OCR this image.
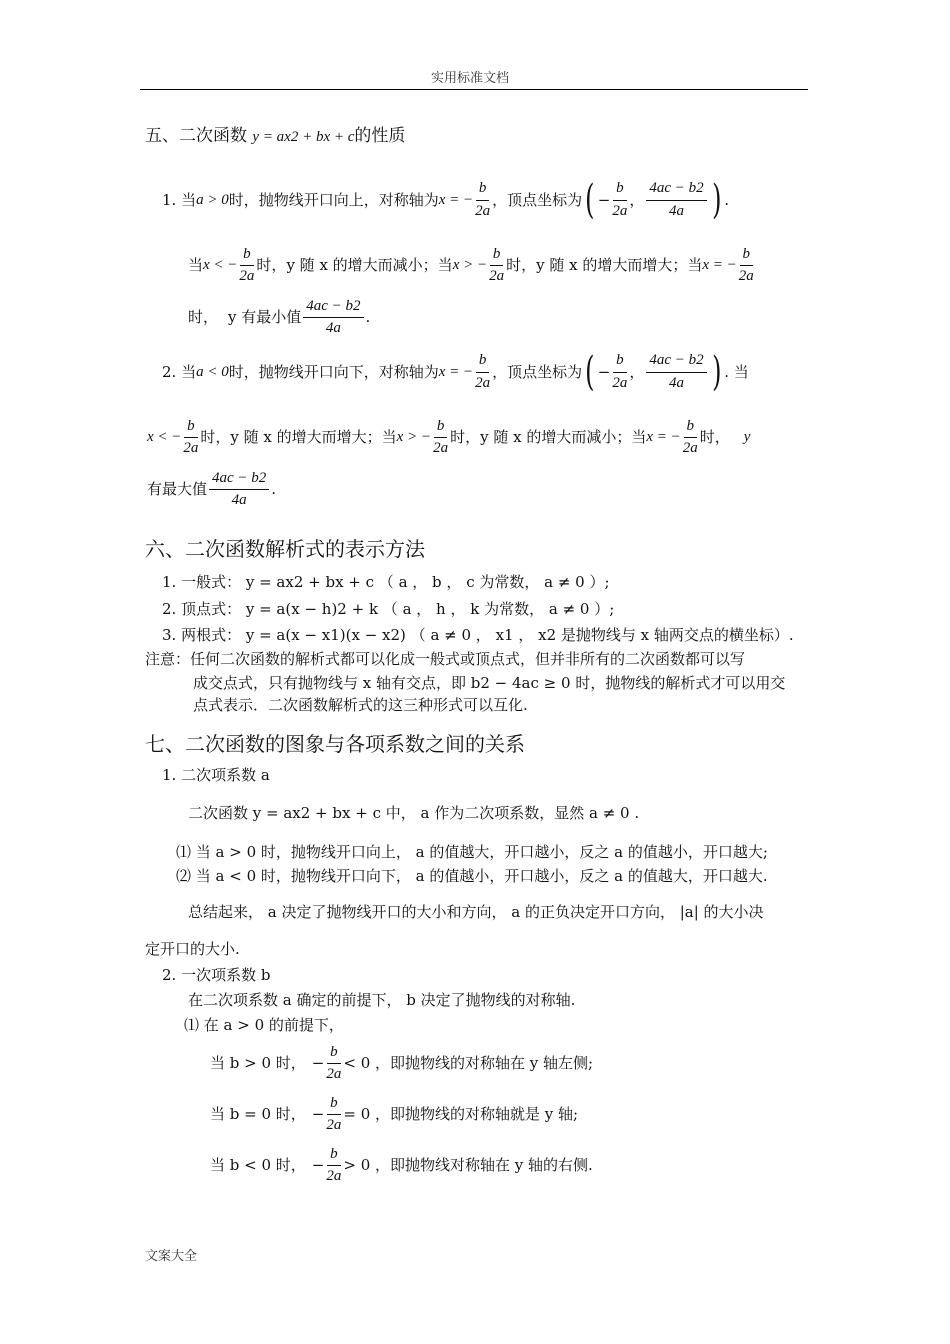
实用标准文档
五、二次函数 y = ax2 + bx + c的性质
1. 当 a > 0 时，抛物线开口向上，对称轴为 x = − $\frac{b}{2a}$ ，顶点坐标为 ( − $\frac{b}{2a}$ ， $\frac{4ac - b2}{4a}$ ) .
当 x < − $\frac{b}{2a}$ 时， y 随 x 的增大而减小；当 x > − $\frac{b}{2a}$ 时， y 随 x 的增大而增大；当 x = − $\frac{b}{2a}$
时， y 有最小值 $\frac{4ac - b2}{4a}$ .
2. 当 a < 0 时，抛物线开口向下，对称轴为 x = − $\frac{b}{2a}$ ，顶点坐标为 ( − $\frac{b}{2a}$ ， $\frac{4ac - b2}{4a}$ ) . 当
x < − $\frac{b}{2a}$ 时， y 随 x 的增大而增大；当 x > − $\frac{b}{2a}$ 时， y 随 x 的增大而减小；当 x = − $\frac{b}{2a}$ 时， y
有最大值 $\frac{4ac - b2}{4a}$ .
六、二次函数解析式的表示方法
1. 一般式： y = ax2 + bx + c （ a ， b ， c 为常数， a ≠ 0 ）;
2. 顶点式： y = a(x − h)2 + k （ a ， h ， k 为常数， a ≠ 0 ）;
3. 两根式： y = a(x − x1)(x − x2) （ a ≠ 0 ， x1 ， x2 是抛物线与 x 轴两交点的横坐标）.
注意：任何二次函数的解析式都可以化成一般式或顶点式，但并非所有的二次函数都可以写
成交点式，只有抛物线与 x 轴有交点，即 b2 − 4ac ≥ 0 时，抛物线的解析式才可以用交
点式表示．二次函数解析式的这三种形式可以互化.
七、二次函数的图象与各项系数之间的关系
1. 二次项系数 a
二次函数 y = ax2 + bx + c 中， a 作为二次项系数，显然 a ≠ 0 .
⑴ 当 a > 0 时，抛物线开口向上， a 的值越大，开口越小，反之 a 的值越小，开口越大;
⑵ 当 a < 0 时，抛物线开口向下， a 的值越小，开口越小，反之 a 的值越大，开口越大.
总结起来， a 决定了抛物线开口的大小和方向， a 的正负决定开口方向， |a| 的大小决
定开口的大小.
2. 一次项系数 b
在二次项系数 a 确定的前提下， b 决定了抛物线的对称轴.
⑴ 在 a > 0 的前提下，
当 b > 0 时， − $\frac{b}{2a} < 0$ ，即抛物线的对称轴在 y 轴左侧;
当 b = 0 时， − $\frac{b}{2a} = 0$ ，即抛物线的对称轴就是 y 轴;
当 b < 0 时， − $\frac{b}{2a} > 0$ ，即抛物线对称轴在 y 轴的右侧.
文案大全
